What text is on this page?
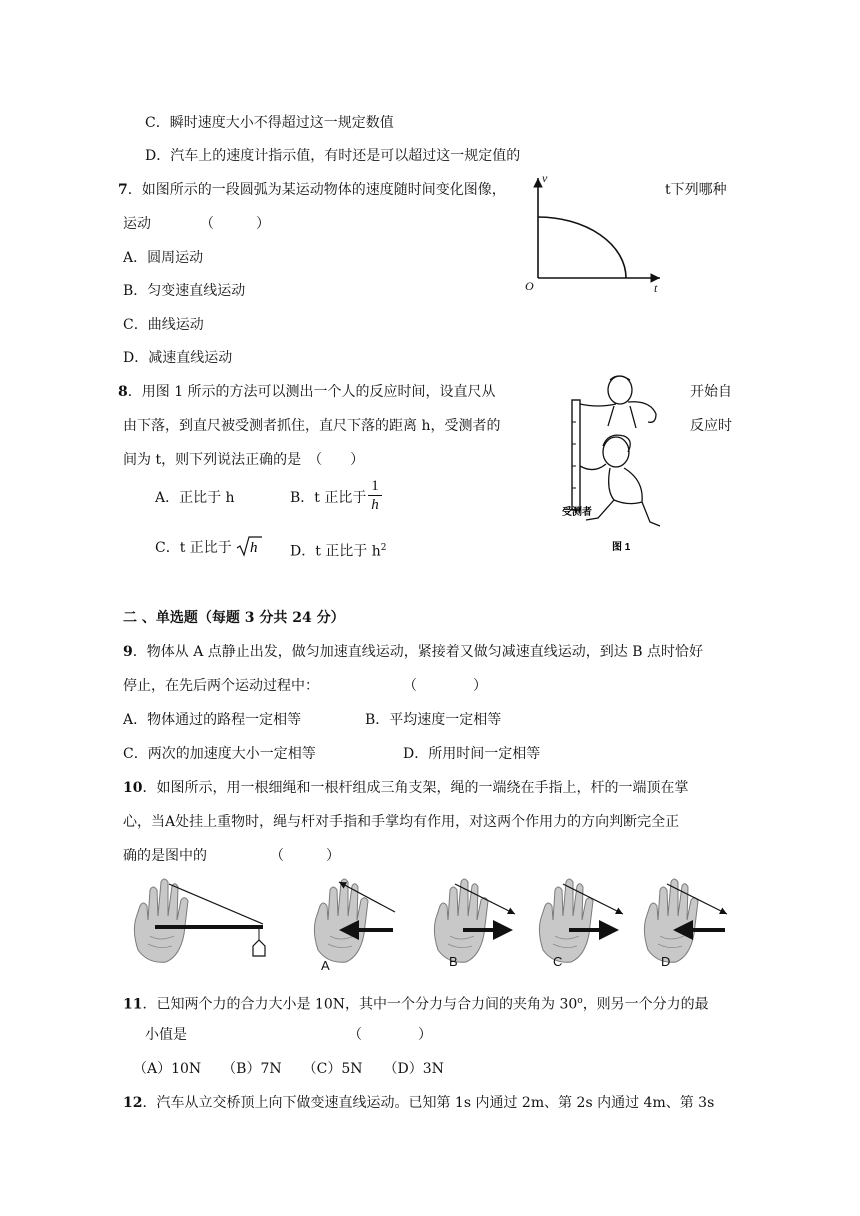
C．瞬时速度大小不得超过这一规定数值
D．汽车上的速度计指示值，有时还是可以超过这一规定值的
7．如图所示的一段圆弧为某运动物体的速度随时间变化图像，	t下列哪种
运动　　　　（　　　）
A．圆周运动
B．匀变速直线运动
C．曲线运动
D．减速直线运动
v
t
O
8．用图 1 所示的方法可以测出一个人的反应时间，设直尺从	开始自
由下落，到直尺被受测者抓住，直尺下落的距离 h，受测者的	反应时
间为 t，则下列说法正确的是　（　　）
A．正比于 h	B．t 正比于 $\frac{1}{h}$
C．t 正比于 h D．t 正比于 $h^2$
受测者
图 1
二 、单选题（每题 3 分共 24 分）
9．物体从 A 点静止出发，做匀加速直线运动，紧接着又做匀减速直线运动，到达 B 点时恰好
停止，在先后两个运动过程中：　　　　　　　（　　　　）
A．物体通过的路程一定相等	B．平均速度一定相等
C．两次的加速度大小一定相等	D．所用时间一定相等
10．如图所示，用一根细绳和一根杆组成三角支架，绳的一端绕在手指上，杆的一端顶在掌
心，当A处挂上重物时，绳与杆对手指和手掌均有作用，对这两个作用力的方向判断完全正
确的是图中的　　　　　（　　　）
A	B	C	D
11．已知两个力的合力大小是 10N，其中一个分力与合力间的夹角为 30$^o$，则另一个分力的最
小值是　　　　　　　　　　　　（　　　　）
（A）10N　　（B）7N　　（C）5N　　（D）3N
12．汽车从立交桥顶上向下做变速直线运动。已知第 1s 内通过 2m、第 2s 内通过 4m、第 3s
